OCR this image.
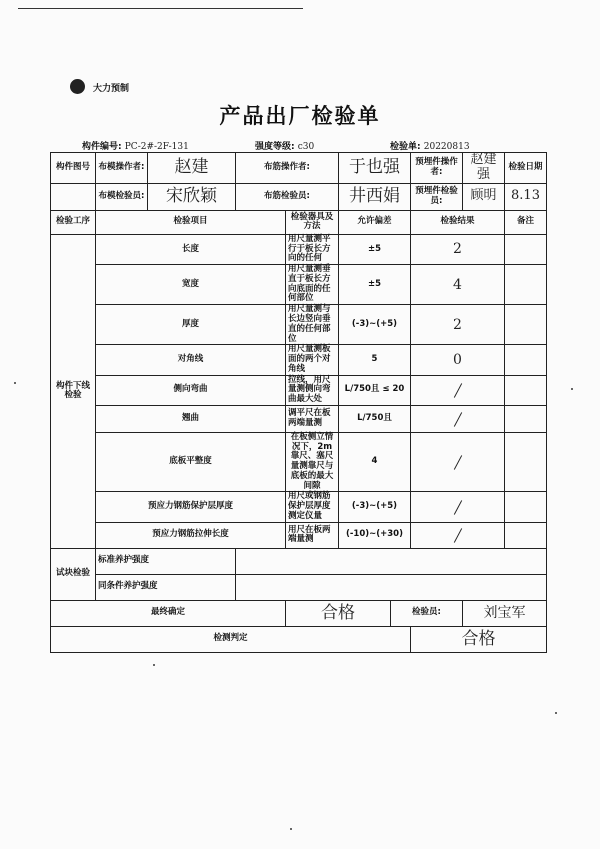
大力预制
产品出厂检验单
构件编号: PC-2#-2F-131	强度等级: c30	检验单: 20220813
构件图号	布模操作者:	赵建	布筋操作者:		于也强		预埋件操作者:	赵建强	检验日期
	布模检验员:	宋欣颖	布筋检验员:		井西娟		预埋件检验员:	顾明	8.13
检验工序	检验项目			检验器具及方法	允许偏差		检验结果		备注
构件下线检验	长度			用尺量测平行于板长方向的任何	±5		2		
	宽度			用尺量测垂直于板长方向底面的任何部位	±5		4		
	厚度			用尺量测与长边竖向垂直的任何部位	(-3)~(+5)		2		
	对角线			用尺量测板面的两个对角线	5		0		
	侧向弯曲			拉线，用尺量测侧向弯曲最大处	L/750且 ≤ 20				
	翘曲			调平尺在板两端量测	L/750且				
	底板平整度			在板侧立情况下，2m靠尺、塞尺量测靠尺与底板的最大间隙	4				
	预应力钢筋保护层厚度			用尺或钢筋保护层厚度测定仪量	(-3)~(+5)				
	预应力钢筋拉伸长度			用尺在板两端量测	(-10)~(+30)				
试块检验	标准养护强度								
	同条件养护强度								
最终确定				合格		检验员:		刘宝军	
检测判定							合格		
